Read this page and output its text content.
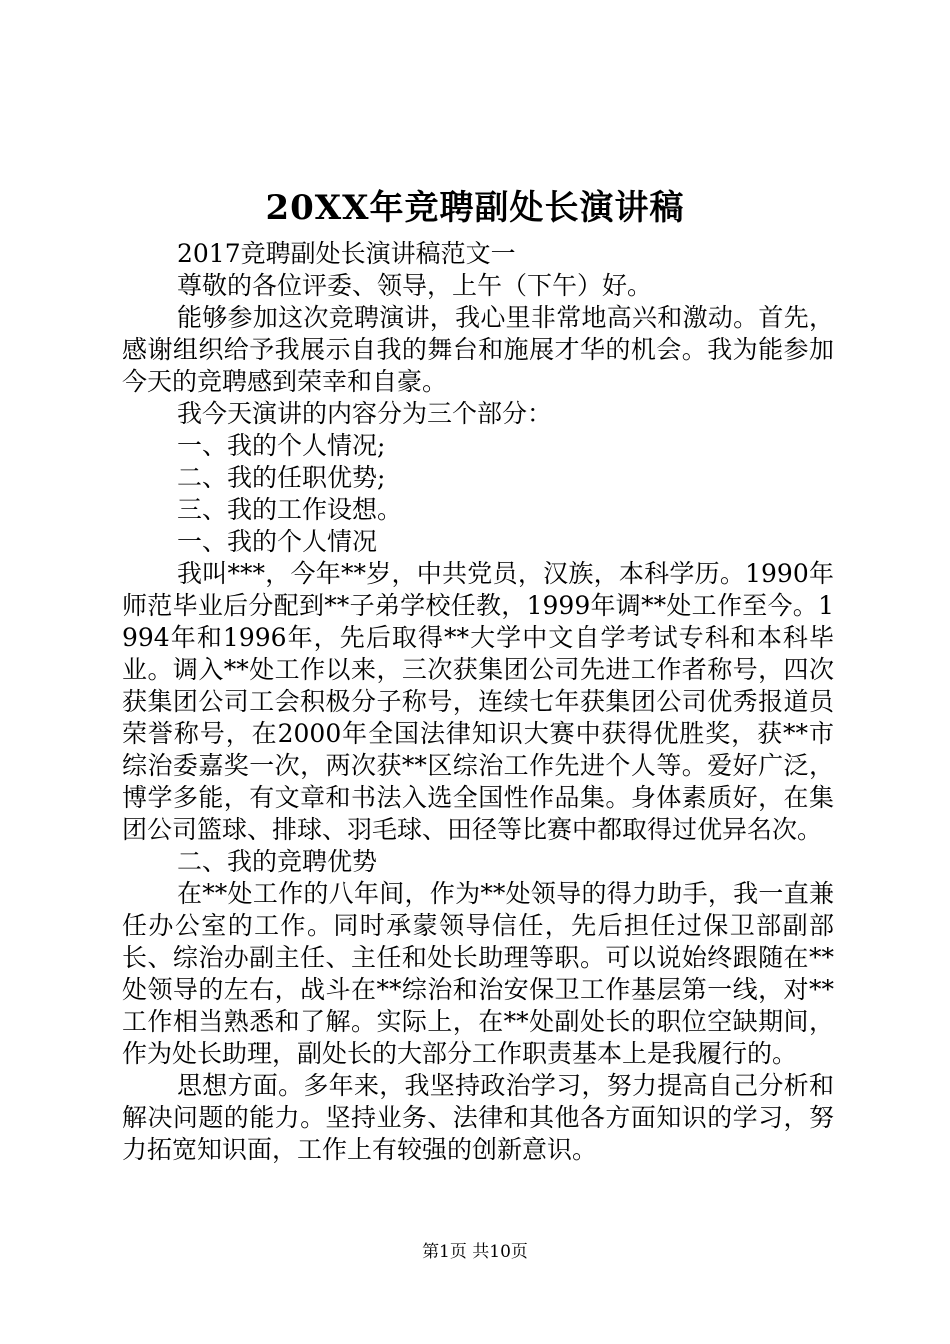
20XX年竞聘副处长演讲稿

2017竞聘副处长演讲稿范文一

尊敬的各位评委、领导，上午（下午）好。

能够参加这次竞聘演讲，我心里非常地高兴和激动。首先，感谢组织给予我展示自我的舞台和施展才华的机会。我为能参加今天的竞聘感到荣幸和自豪。

我今天演讲的内容分为三个部分：

一、我的个人情况;

二、我的任职优势;

三、我的工作设想。

一、我的个人情况

我叫***，今年**岁，中共党员，汉族，本科学历。1990年师范毕业后分配到**子弟学校任教，1999年调**处工作至今。1994年和1996年，先后取得**大学中文自学考试专科和本科毕业。调入**处工作以来，三次获集团公司先进工作者称号，四次获集团公司工会积极分子称号，连续七年获集团公司优秀报道员荣誉称号，在2000年全国法律知识大赛中获得优胜奖，获**市综治委嘉奖一次，两次获**区综治工作先进个人等。爱好广泛，博学多能，有文章和书法入选全国性作品集。身体素质好，在集团公司篮球、排球、羽毛球、田径等比赛中都取得过优异名次。

二、我的竞聘优势

在**处工作的八年间，作为**处领导的得力助手，我一直兼任办公室的工作。同时承蒙领导信任，先后担任过保卫部副部长、综治办副主任、主任和处长助理等职。可以说始终跟随在**处领导的左右，战斗在**综治和治安保卫工作基层第一线，对**工作相当熟悉和了解。实际上，在**处副处长的职位空缺期间，作为处长助理，副处长的大部分工作职责基本上是我履行的。

思想方面。多年来，我坚持政治学习，努力提高自己分析和解决问题的能力。坚持业务、法律和其他各方面知识的学习，努力拓宽知识面，工作上有较强的创新意识。

第1页 共10页
